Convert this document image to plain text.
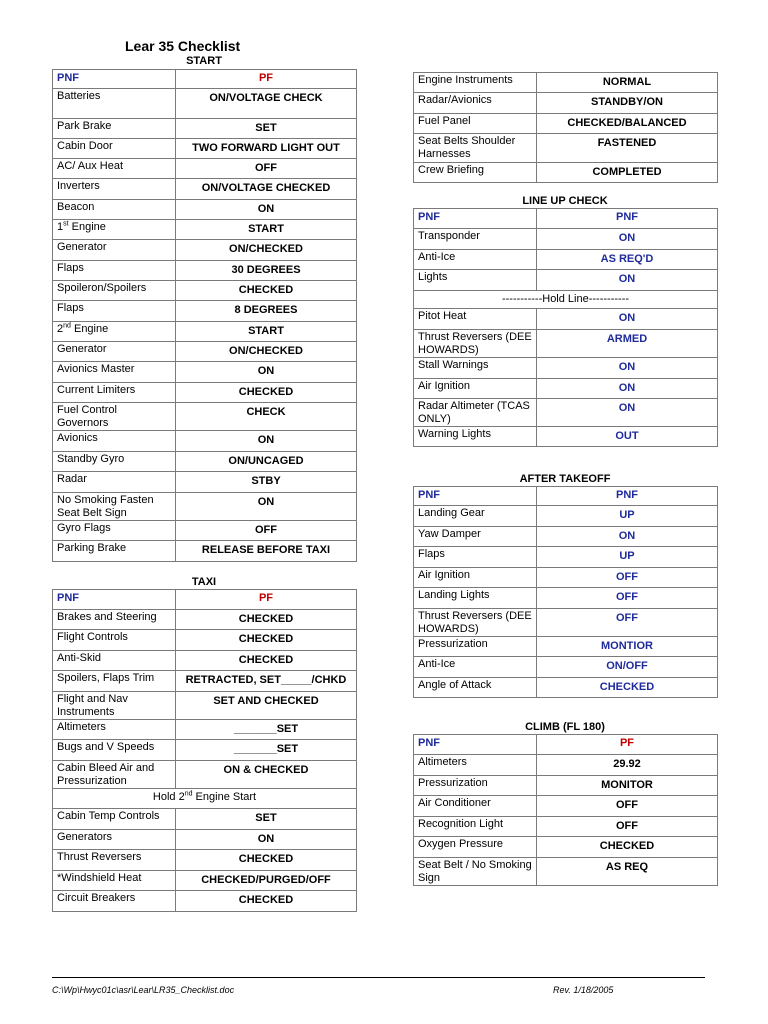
Lear 35 Checklist
START
PNF	PF
Batteries	ON/VOLTAGE CHECK
Park Brake	SET
Cabin Door	TWO FORWARD LIGHT OUT
AC/ Aux Heat	OFF
Inverters	ON/VOLTAGE CHECKED
Beacon	ON
1st Engine	START
Generator	ON/CHECKED
Flaps	30 DEGREES
Spoileron/Spoilers	CHECKED
Flaps	8 DEGREES
2nd Engine	START
Generator	ON/CHECKED
Avionics Master	ON
Current Limiters	CHECKED
Fuel Control Governors	CHECK
Avionics	ON
Standby Gyro	ON/UNCAGED
Radar	STBY
No Smoking Fasten Seat Belt Sign	ON
Gyro Flags	OFF
Parking Brake	RELEASE BEFORE TAXI
TAXI
PNF	PF
Brakes and Steering	CHECKED
Flight Controls	CHECKED
Anti-Skid	CHECKED
Spoilers, Flaps Trim	RETRACTED, SET_____/CHKD
Flight and Nav Instruments	SET AND CHECKED
Altimeters	_______SET
Bugs and V Speeds	_______SET
Cabin Bleed Air and Pressurization	ON & CHECKED
Hold 2nd Engine Start	
Cabin Temp Controls	SET
Generators	ON
Thrust Reversers	CHECKED
*Windshield Heat	CHECKED/PURGED/OFF
Circuit Breakers	CHECKED
Engine Instruments	NORMAL
Radar/Avionics	STANDBY/ON
Fuel Panel	CHECKED/BALANCED
Seat Belts Shoulder Harnesses	FASTENED
Crew Briefing	COMPLETED
LINE UP CHECK
PNF	PNF
Transponder	ON
Anti-Ice	AS REQ'D
Lights	ON
-----------Hold Line-----------	
Pitot Heat	ON
Thrust Reversers (DEE HOWARDS)	ARMED
Stall Warnings	ON
Air Ignition	ON
Radar Altimeter (TCAS ONLY)	ON
Warning Lights	OUT
AFTER TAKEOFF
PNF	PNF
Landing Gear	UP
Yaw Damper	ON
Flaps	UP
Air Ignition	OFF
Landing Lights	OFF
Thrust Reversers (DEE HOWARDS)	OFF
Pressurization	MONTIOR
Anti-Ice	ON/OFF
Angle of Attack	CHECKED
CLIMB (FL 180)
PNF	PF
Altimeters	29.92
Pressurization	MONITOR
Air Conditioner	OFF
Recognition Light	OFF
Oxygen Pressure	CHECKED
Seat Belt / No Smoking Sign	AS REQ
C:\Wp\Hwyc01c\asr\Lear\LR35_Checklist.doc	Rev. 1/18/2005
